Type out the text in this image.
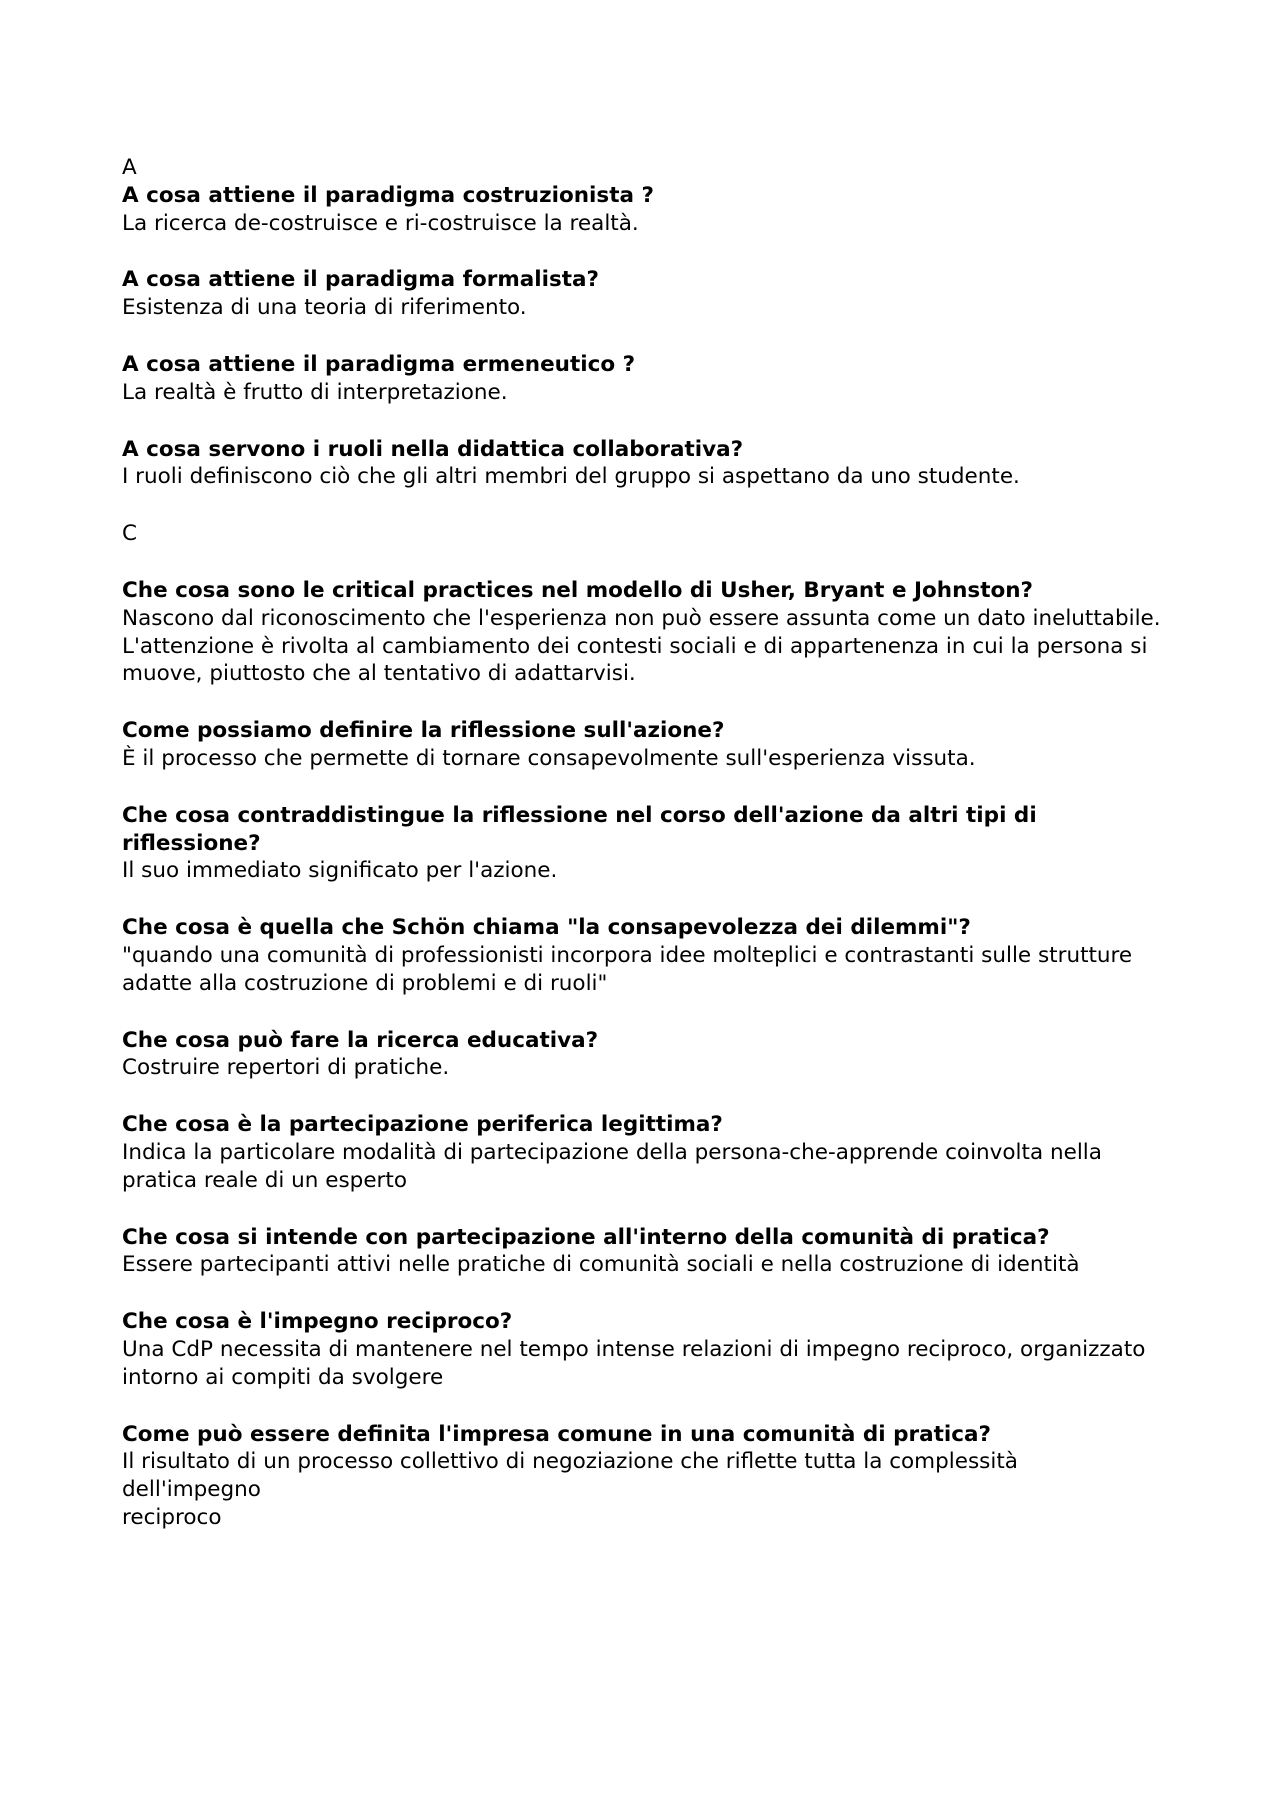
A

A cosa attiene il paradigma costruzionista ?

La ricerca de-costruisce e ri-costruisce la realtà.

A cosa attiene il paradigma formalista?

Esistenza di una teoria di riferimento.

A cosa attiene il paradigma ermeneutico ?

La realtà è frutto di interpretazione.

A cosa servono i ruoli nella didattica collaborativa?

I ruoli definiscono ciò che gli altri membri del gruppo si aspettano da uno studente.

C

Che cosa sono le critical practices nel modello di Usher, Bryant e Johnston?

Nascono dal riconoscimento che l'esperienza non può essere assunta come un dato ineluttabile.

L'attenzione è rivolta al cambiamento dei contesti sociali e di appartenenza in cui la persona si

muove, piuttosto che al tentativo di adattarvisi.

Come possiamo definire la riflessione sull'azione?

È il processo che permette di tornare consapevolmente sull'esperienza vissuta.

Che cosa contraddistingue la riflessione nel corso dell'azione da altri tipi di riflessione?

Il suo immediato significato per l'azione.

Che cosa è quella che Schön chiama "la consapevolezza dei dilemmi"?

"quando una comunità di professionisti incorpora idee molteplici e contrastanti sulle strutture

adatte alla costruzione di problemi e di ruoli"

Che cosa può fare la ricerca educativa?

Costruire repertori di pratiche.

Che cosa è la partecipazione periferica legittima?

Indica la particolare modalità di partecipazione della persona-che-apprende coinvolta nella

pratica reale di un esperto

Che cosa si intende con partecipazione all'interno della comunità di pratica?

Essere partecipanti attivi nelle pratiche di comunità sociali e nella costruzione di identità

Che cosa è l'impegno reciproco?

Una CdP necessita di mantenere nel tempo intense relazioni di impegno reciproco, organizzato

intorno ai compiti da svolgere

Come può essere definita l'impresa comune in una comunità di pratica?

Il risultato di un processo collettivo di negoziazione che riflette tutta la complessità dell'impegno

reciproco
